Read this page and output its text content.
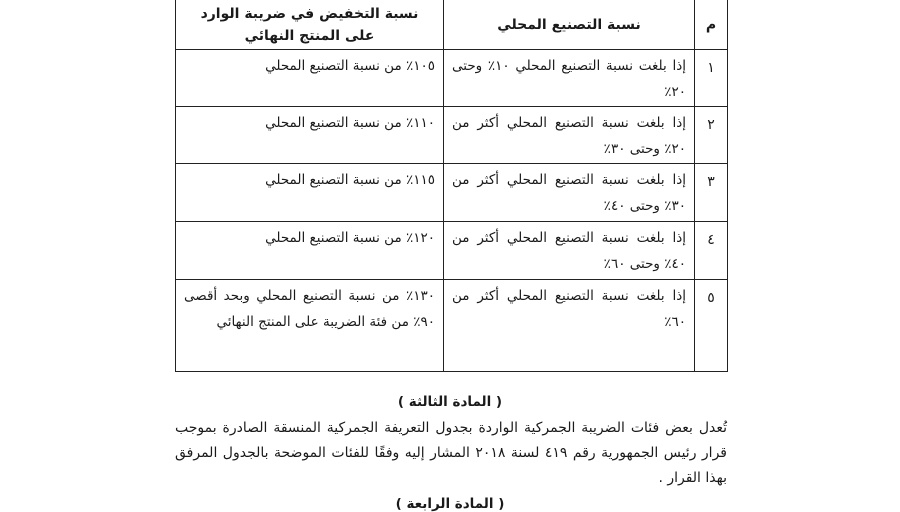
م	نسبة التصنيع المحلي	نسبة التخفيض في ضريبة الوارد
على المنتج النهائي

١	إذا بلغت نسبة التصنيع المحلي ١٠٪ وحتى ٢٠٪	١٠٥٪ من نسبة التصنيع المحلي

٢	إذا بلغت نسبة التصنيع المحلي أكثر من ٢٠٪ وحتى ٣٠٪	١١٠٪ من نسبة التصنيع المحلي

٣	إذا بلغت نسبة التصنيع المحلي أكثر من ٣٠٪ وحتى ٤٠٪	١١٥٪ من نسبة التصنيع المحلي

٤	إذا بلغت نسبة التصنيع المحلي أكثر من ٤٠٪ وحتى ٦٠٪	١٢٠٪ من نسبة التصنيع المحلي

٥	إذا بلغت نسبة التصنيع المحلي أكثر من ٦٠٪	١٣٠٪ من نسبة التصنيع المحلي وبحد أقصى ٩٠٪ من فئة الضريبة على المنتج النهائي
( المادة الثالثة )

تُعدل بعض فئات الضريبة الجمركية الواردة بجدول التعريفة الجمركية المنسقة الصادرة بموجب قرار رئيس الجمهورية رقم ٤١٩ لسنة ٢٠١٨ المشار إليه وفقًا للفئات الموضحة بالجدول المرفق بهذا القرار .

( المادة الرابعة )
